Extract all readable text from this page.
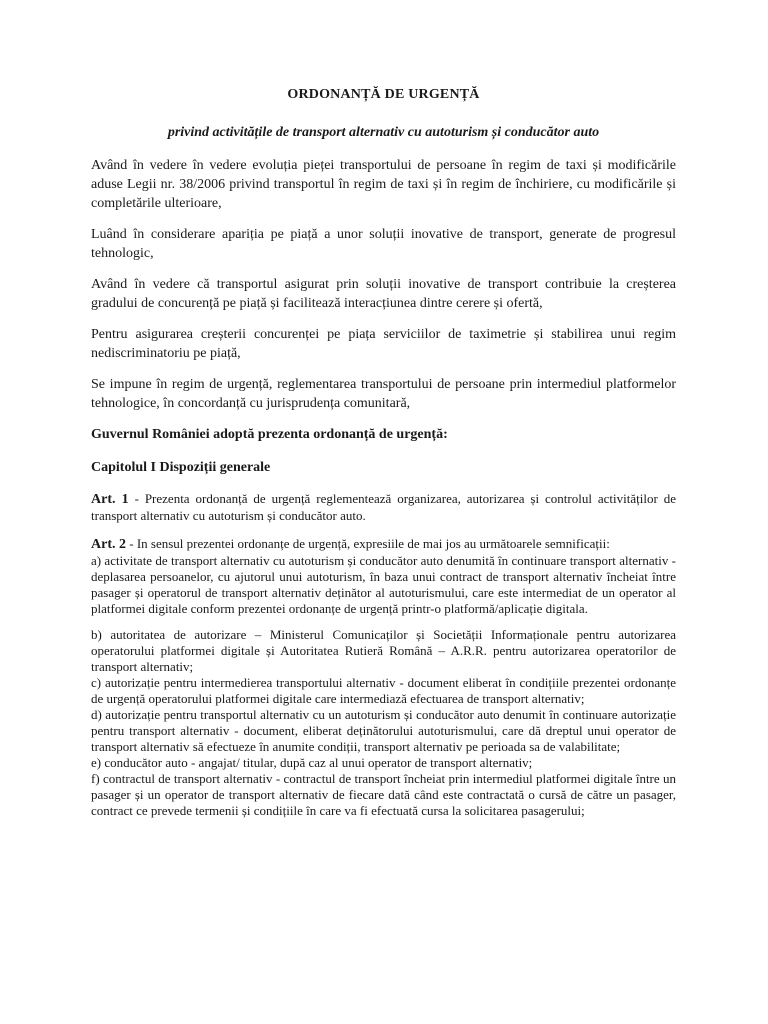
ORDONANȚĂ DE URGENȚĂ
privind activitățile de transport alternativ cu autoturism și conducător auto

Având în vedere în vedere evoluția pieței transportului de persoane în regim de taxi și modificările aduse Legii nr. 38/2006 privind transportul în regim de taxi și în regim de închiriere, cu modificările și completările ulterioare,

Luând în considerare apariția pe piață a unor soluții inovative de transport, generate de progresul tehnologic,

Având în vedere că transportul asigurat prin soluții inovative de transport contribuie la creșterea gradului de concurență pe piață și facilitează interacțiunea dintre cerere și ofertă,

Pentru asigurarea creșterii concurenței pe piața serviciilor de taximetrie și stabilirea unui regim nediscriminatoriu pe piață,

Se impune în regim de urgență, reglementarea transportului de persoane prin intermediul platformelor tehnologice, în concordanță cu jurisprudența comunitară,

Guvernul României adoptă prezenta ordonanță de urgență:
Capitolul I Dispoziții generale

Art. 1 - Prezenta ordonanță de urgență reglementează organizarea, autorizarea și controlul activităților de transport alternativ cu autoturism și conducător auto.

Art. 2 - In sensul prezentei ordonanțe de urgență, expresiile de mai jos au următoarele semnificații:

a) activitate de transport alternativ cu autoturism și conducător auto denumită în continuare transport alternativ - deplasarea persoanelor, cu ajutorul unui autoturism, în baza unui contract de transport alternativ încheiat între pasager și operatorul de transport alternativ deținător al autoturismului, care este intermediat de un operator al platformei digitale conform prezentei ordonanțe de urgență printr-o platformă/aplicație digitala.

b) autoritatea de autorizare – Ministerul Comunicaților și Societății Informaționale pentru autorizarea operatorului platformei digitale și Autoritatea Rutieră Română – A.R.R. pentru autorizarea operatorilor de transport alternativ;

c) autorizație pentru intermedierea transportului alternativ - document eliberat în condițiile prezentei ordonanțe de urgență operatorului platformei digitale care intermediază efectuarea de transport alternativ;

d) autorizație pentru transportul alternativ cu un autoturism și conducător auto denumit în continuare autorizație pentru transport alternativ - document, eliberat deținătorului autoturismului, care dă dreptul unui operator de transport alternativ să efectueze în anumite condiții, transport alternativ pe perioada sa de valabilitate;

e) conducător auto - angajat/ titular, după caz al unui operator de transport alternativ;

f) contractul de transport alternativ - contractul de transport încheiat prin intermediul platformei digitale între un pasager și un operator de transport alternativ de fiecare dată când este contractată o cursă de către un pasager, contract ce prevede termenii și condițiile în care va fi efectuată cursa la solicitarea pasagerului;
